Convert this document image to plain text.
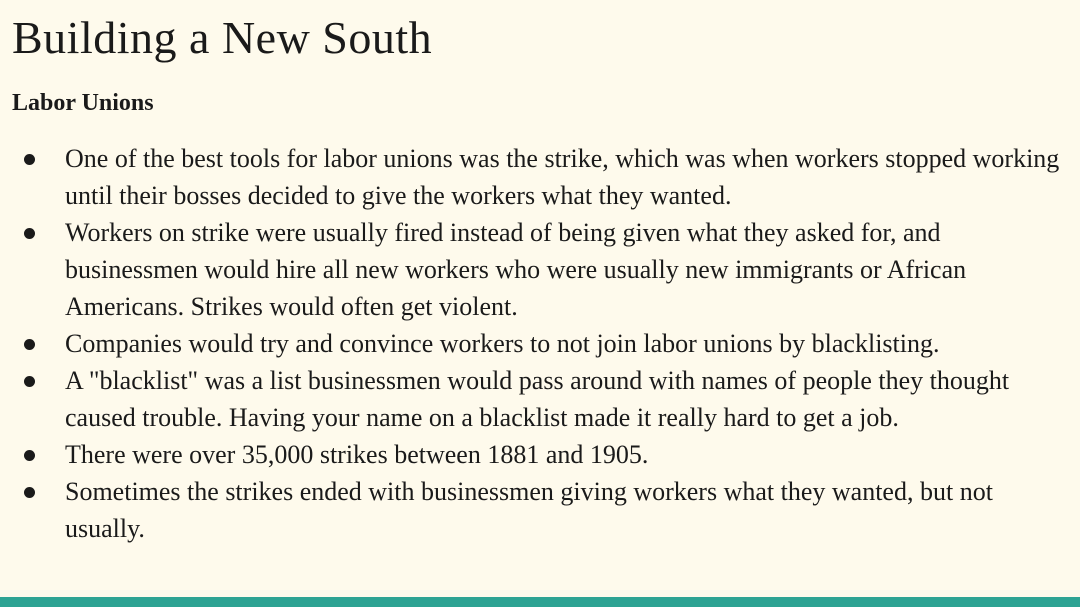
Building a New South
Labor Unions
One of the best tools for labor unions was the strike, which was when workers stopped working until their bosses decided to give the workers what they wanted.
Workers on strike were usually fired instead of being given what they asked for, and businessmen would hire all new workers who were usually new immigrants or African Americans. Strikes would often get violent.
Companies would try and convince workers to not join labor unions by blacklisting.
A "blacklist" was a list businessmen would pass around with names of people they thought caused trouble. Having your name on a blacklist made it really hard to get a job.
There were over 35,000 strikes between 1881 and 1905.
Sometimes the strikes ended with businessmen giving workers what they wanted, but not usually.
